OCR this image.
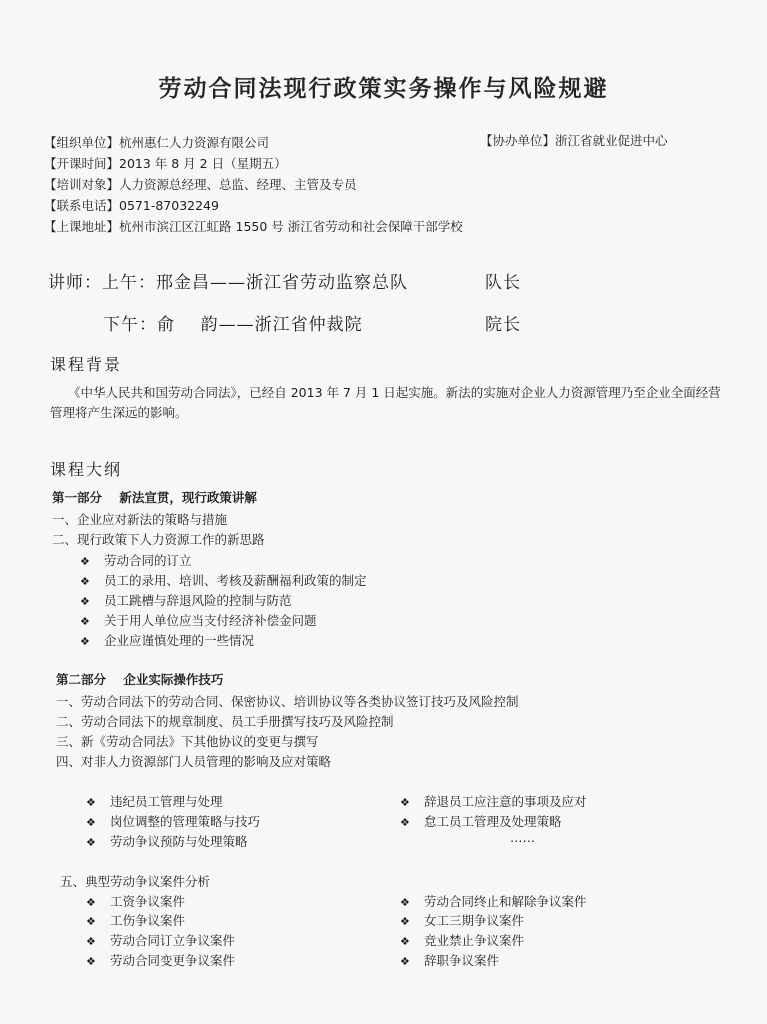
劳动合同法现行政策实务操作与风险规避
【组织单位】杭州惠仁人力资源有限公司	【协办单位】浙江省就业促进中心
【开课时间】2013 年 8 月 2 日（星期五）
【培训对象】人力资源总经理、总监、经理、主管及专员
【联系电话】0571-87032249
【上课地址】杭州市滨江区江虹路 1550 号 浙江省劳动和社会保障干部学校
讲师：上午：邢金昌——浙江省劳动监察总队	队长
下午：俞    韵——浙江省仲裁院	院长
课程背景
《中华人民共和国劳动合同法》，已经自 2013 年 7 月 1 日起实施。新法的实施对企业人力资源管理乃至企业全面经营管理将产生深远的影响。
课程大纲
第一部分    新法宣贯，现行政策讲解
一、企业应对新法的策略与措施
二、现行政策下人力资源工作的新思路
❖ 劳动合同的订立
❖ 员工的录用、培训、考核及薪酬福利政策的制定
❖ 员工跳槽与辞退风险的控制与防范
❖ 关于用人单位应当支付经济补偿金问题
❖ 企业应谨慎处理的一些情况
第二部分    企业实际操作技巧
一、劳动合同法下的劳动合同、保密协议、培训协议等各类协议签订技巧及风险控制
二、劳动合同法下的规章制度、员工手册撰写技巧及风险控制
三、新《劳动合同法》下其他协议的变更与撰写
四、对非人力资源部门人员管理的影响及应对策略
❖ 违纪员工管理与处理
❖ 岗位调整的管理策略与技巧
❖ 劳动争议预防与处理策略
❖ 辞退员工应注意的事项及应对
❖ 怠工员工管理及处理策略
……
五、典型劳动争议案件分析
❖ 工资争议案件
❖ 工伤争议案件
❖ 劳动合同订立争议案件
❖ 劳动合同变更争议案件
❖ 劳动合同终止和解除争议案件
❖ 女工三期争议案件
❖ 竞业禁止争议案件
❖ 辞职争议案件
